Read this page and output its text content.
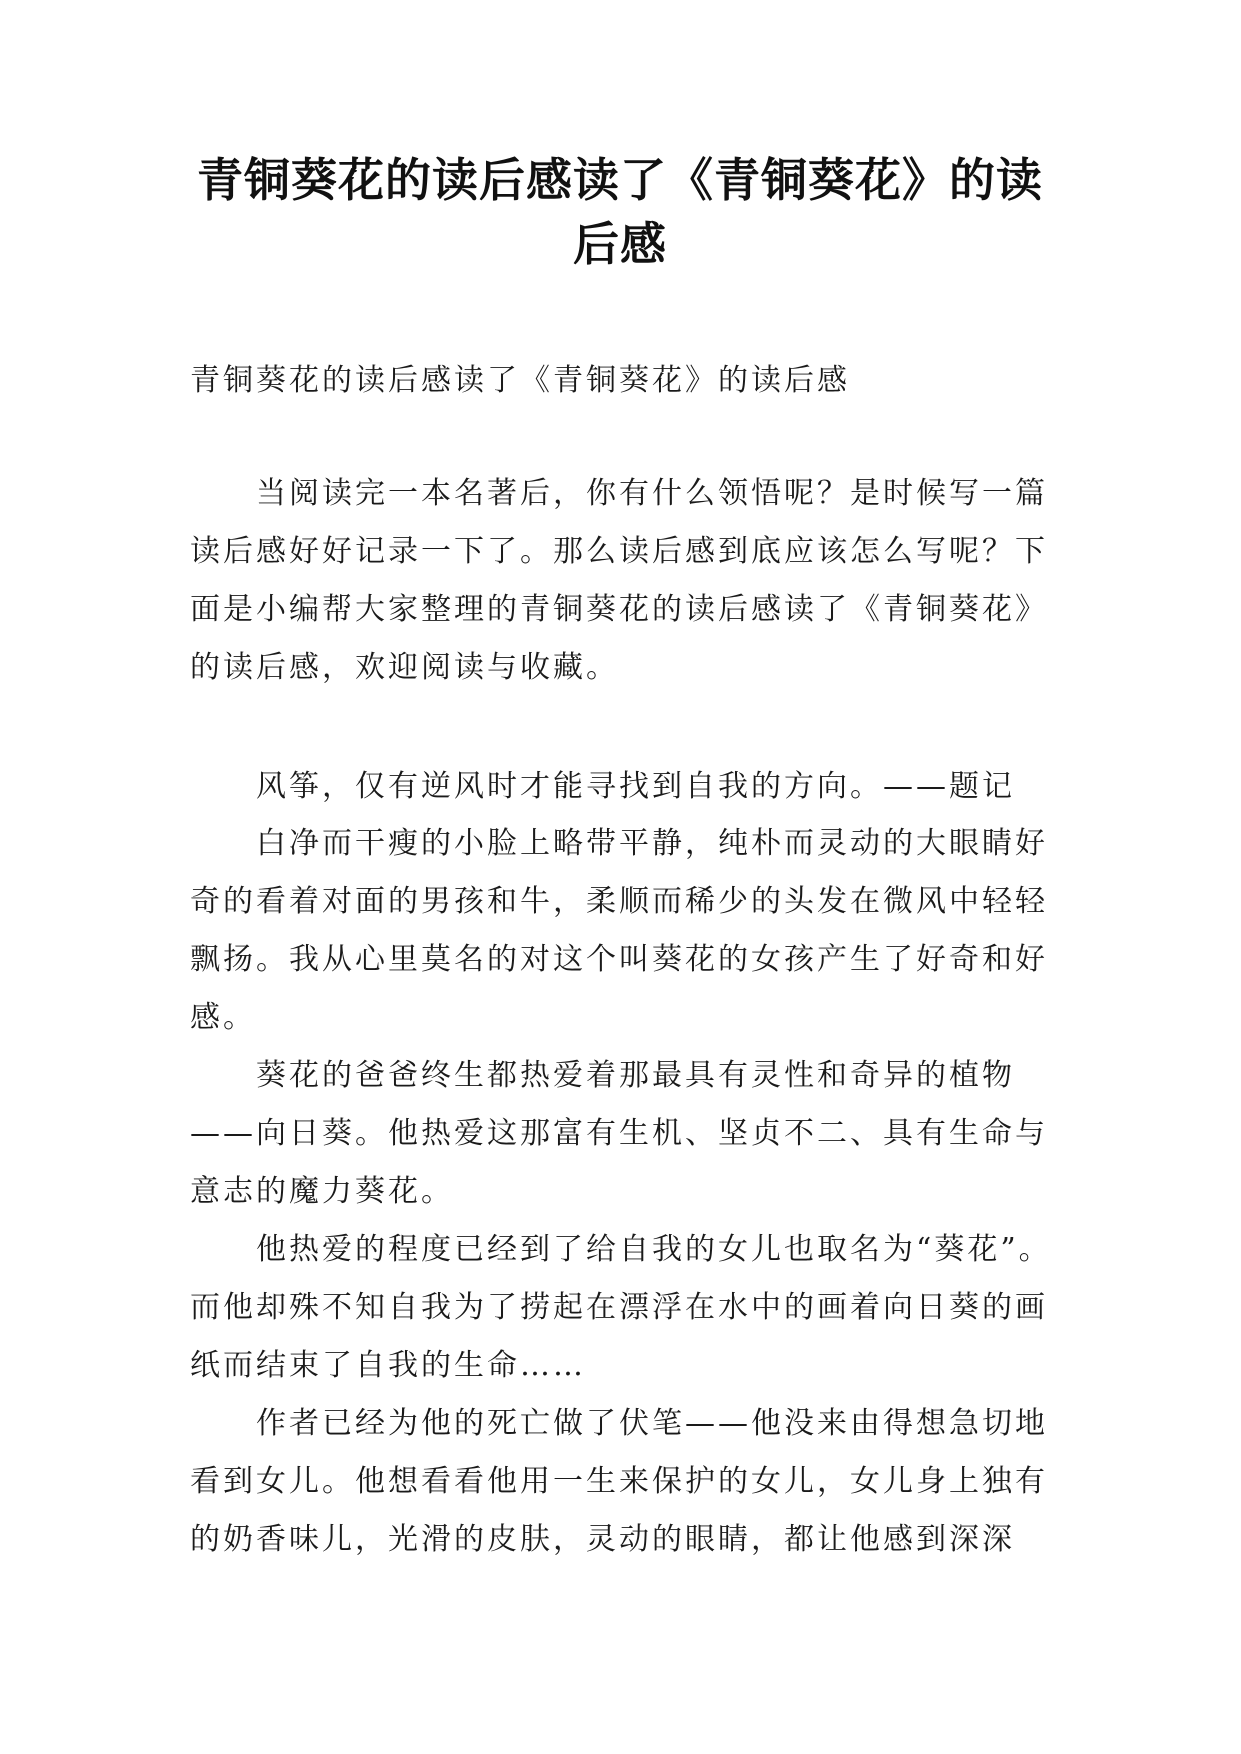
青铜葵花的读后感读了《青铜葵花》的读后感

青铜葵花的读后感读了《青铜葵花》的读后感

当阅读完一本名著后，你有什么领悟呢？是时候写一篇读后感好好记录一下了。那么读后感到底应该怎么写呢？下面是小编帮大家整理的青铜葵花的读后感读了《青铜葵花》的读后感，欢迎阅读与收藏。

风筝，仅有逆风时才能寻找到自我的方向。——题记

白净而干瘦的小脸上略带平静，纯朴而灵动的大眼睛好奇的看着对面的男孩和牛，柔顺而稀少的头发在微风中轻轻飘扬。我从心里莫名的对这个叫葵花的女孩产生了好奇和好感。

葵花的爸爸终生都热爱着那最具有灵性和奇异的植物——向日葵。他热爱这那富有生机、坚贞不二、具有生命与意志的魔力葵花。

他热爱的程度已经到了给自我的女儿也取名为“葵花”。而他却殊不知自我为了捞起在漂浮在水中的画着向日葵的画纸而结束了自我的生命……

作者已经为他的死亡做了伏笔——他没来由得想急切地看到女儿。他想看看他用一生来保护的女儿，女儿身上独有的奶香味儿，光滑的皮肤，灵动的眼睛，都让他感到深深
